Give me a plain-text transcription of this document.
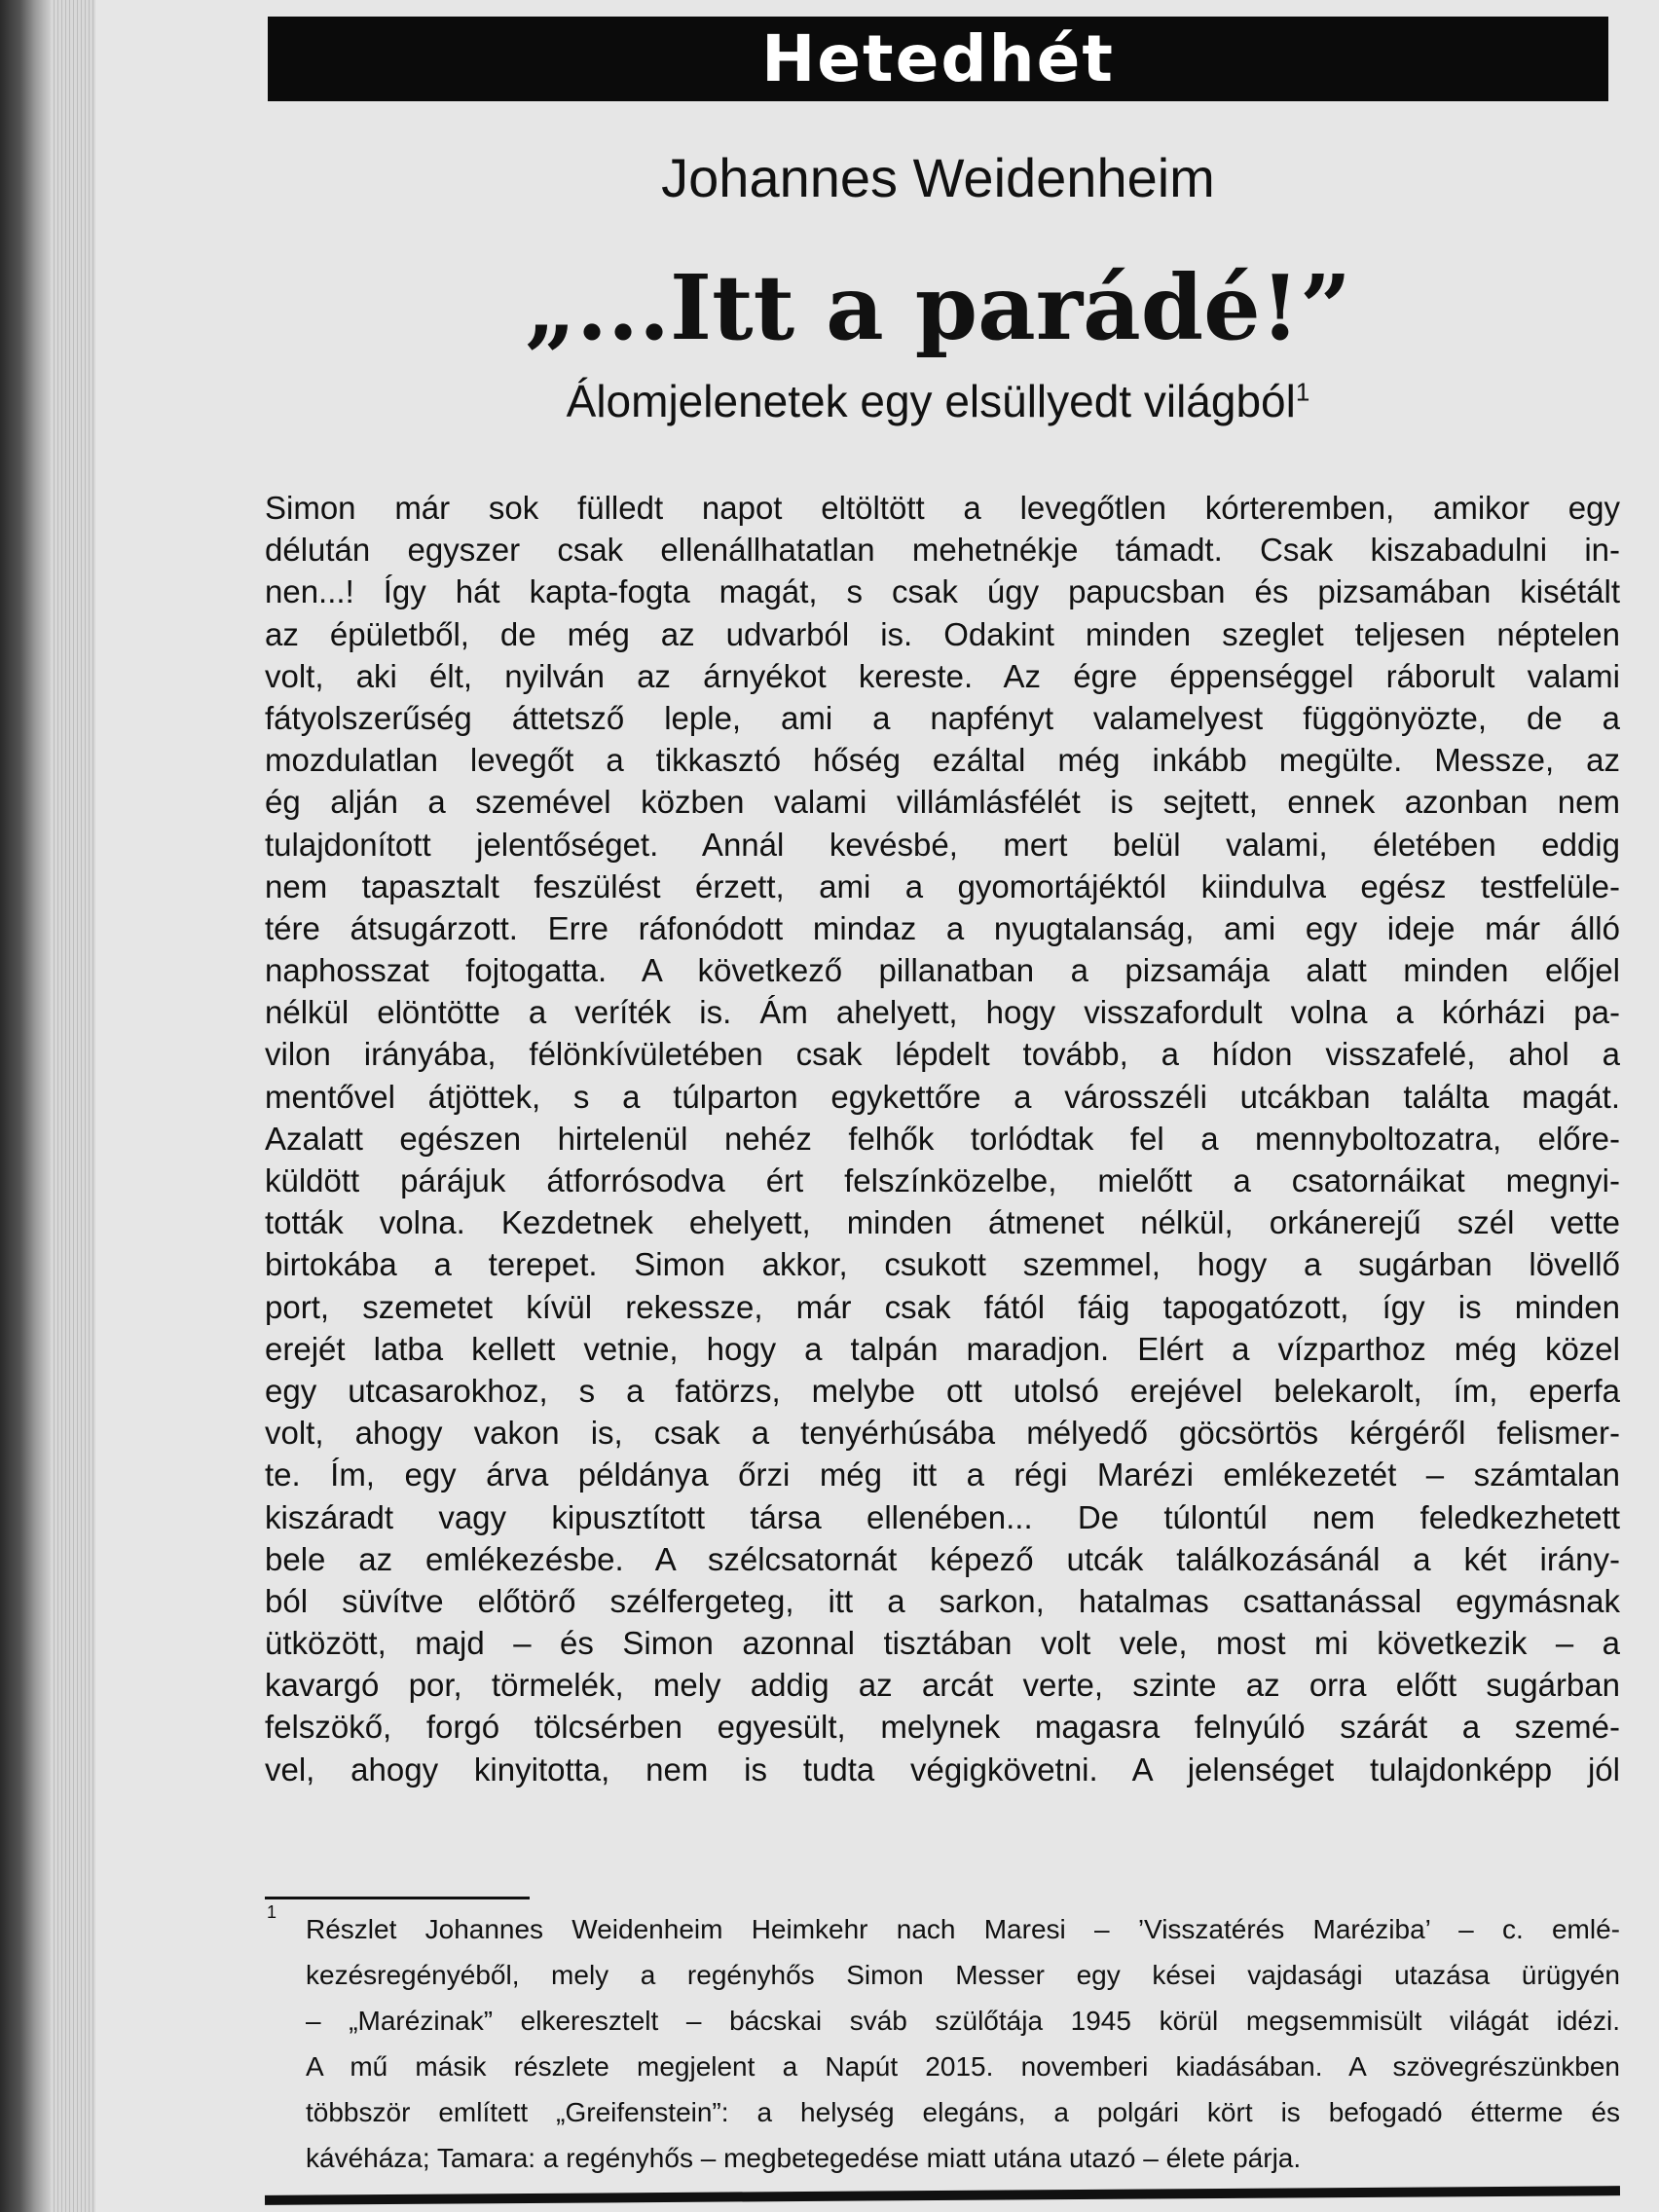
Hetedhét
Johannes Weidenheim
„...Itt a parádé!”
Álomjelenetek egy elsüllyedt világból$^1$
Simon már sok fülledt napot eltöltött a levegőtlen kórteremben, amikor egy
délután egyszer csak ellenállhatatlan mehetnékje támadt. Csak kiszabadulni in-
nen...! Így hát kapta-fogta magát, s csak úgy papucsban és pizsamában kisétált
az épületből, de még az udvarból is. Odakint minden szeglet teljesen néptelen
volt, aki élt, nyilván az árnyékot kereste. Az égre éppenséggel ráborult valami
fátyolszerűség áttetsző leple, ami a napfényt valamelyest függönyözte, de a
mozdulatlan levegőt a tikkasztó hőség ezáltal még inkább megülte. Messze, az
ég alján a szemével közben valami villámlásfélét is sejtett, ennek azonban nem
tulajdonított jelentőséget. Annál kevésbé, mert belül valami, életében eddig
nem tapasztalt feszülést érzett, ami a gyomortájéktól kiindulva egész testfelüle-
tére átsugárzott. Erre ráfonódott mindaz a nyugtalanság, ami egy ideje már álló
naphosszat fojtogatta. A következő pillanatban a pizsamája alatt minden előjel
nélkül elöntötte a veríték is. Ám ahelyett, hogy visszafordult volna a kórházi pa-
vilon irányába, félönkívületében csak lépdelt tovább, a hídon visszafelé, ahol a
mentővel átjöttek, s a túlparton egykettőre a városszéli utcákban találta magát.
Azalatt egészen hirtelenül nehéz felhők torlódtak fel a mennyboltozatra, előre-
küldött párájuk átforrósodva ért felszínközelbe, mielőtt a csatornáikat megnyi-
tották volna. Kezdetnek ehelyett, minden átmenet nélkül, orkánerejű szél vette
birtokába a terepet. Simon akkor, csukott szemmel, hogy a sugárban lövellő
port, szemetet kívül rekessze, már csak fától fáig tapogatózott, így is minden
erejét latba kellett vetnie, hogy a talpán maradjon. Elért a vízparthoz még közel
egy utcasarokhoz, s a fatörzs, melybe ott utolsó erejével belekarolt, ím, eperfa
volt, ahogy vakon is, csak a tenyérhúsába mélyedő göcsörtös kérgéről felismer-
te. Ím, egy árva példánya őrzi még itt a régi Marézi emlékezetét – számtalan
kiszáradt vagy kipusztított társa ellenében... De túlontúl nem feledkezhetett
bele az emlékezésbe. A szélcsatornát képező utcák találkozásánál a két irány-
ból süvítve előtörő szélfergeteg, itt a sarkon, hatalmas csattanással egymásnak
ütközött, majd – és Simon azonnal tisztában volt vele, most mi következik – a
kavargó por, törmelék, mely addig az arcát verte, szinte az orra előtt sugárban
felszökő, forgó tölcsérben egyesült, melynek magasra felnyúló szárát a szemé-
vel, ahogy kinyitotta, nem is tudta végigkövetni. A jelenséget tulajdonképp jól
1
Részlet Johannes Weidenheim Heimkehr nach Maresi – ’Visszatérés Maréziba’ – c. emlé-
kezésregényéből, mely a regényhős Simon Messer egy kései vajdasági utazása ürügyén
– „Marézinak” elkeresztelt – bácskai sváb szülőtája 1945 körül megsemmisült világát idézi.
A mű másik részlete megjelent a Napút 2015. novemberi kiadásában. A szövegrészünkben
többször említett „Greifenstein”: a helység elegáns, a polgári kört is befogadó étterme és
kávéháza; Tamara: a regényhős – megbetegedése miatt utána utazó – élete párja.
